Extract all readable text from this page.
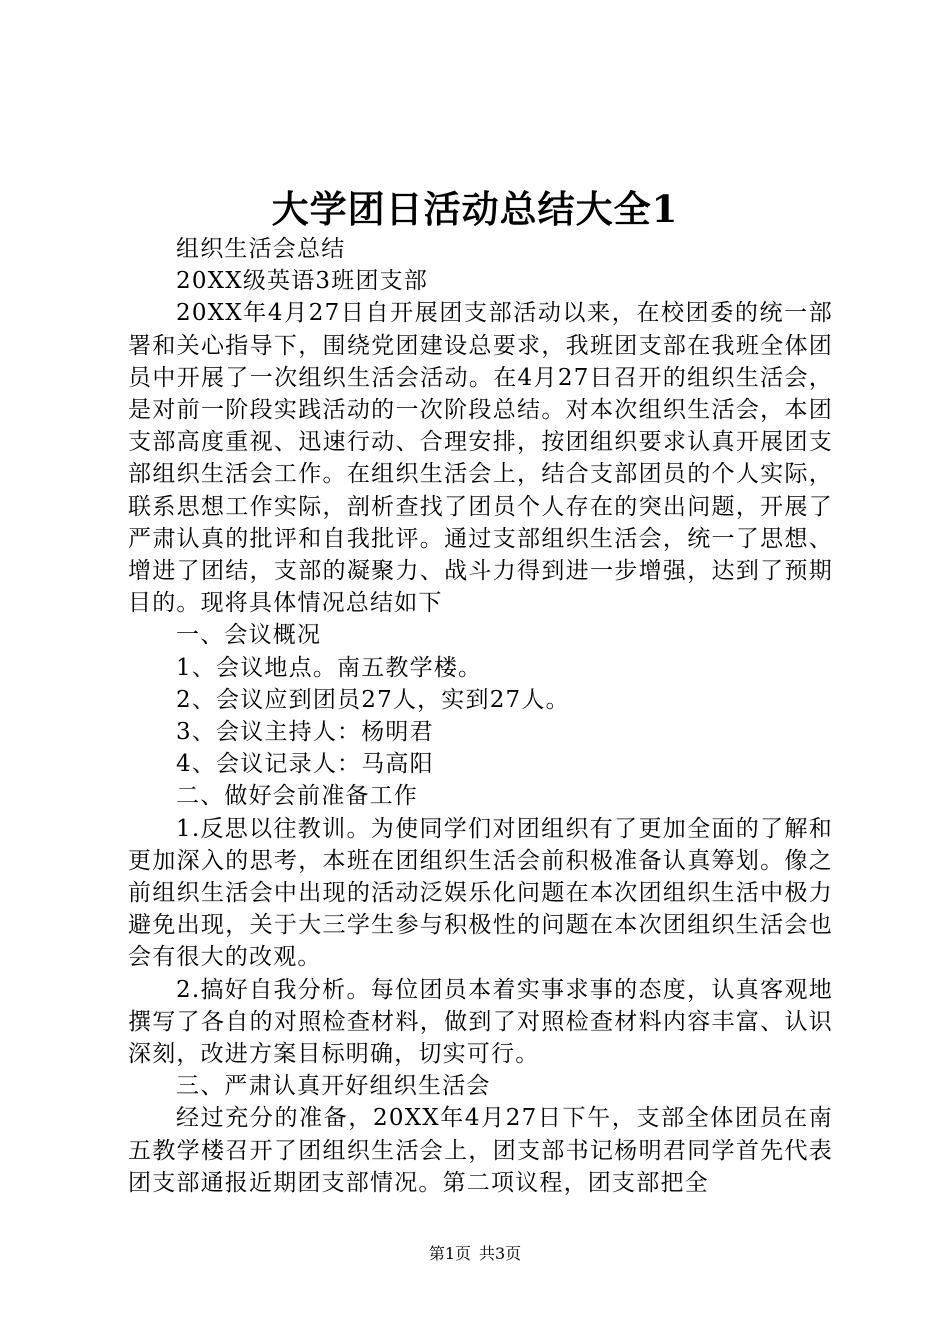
大学团日活动总结大全1

组织生活会总结

20XX级英语3班团支部

20XX年4月27日自开展团支部活动以来，在校团委的统一部署和关心指导下，围绕党团建设总要求，我班团支部在我班全体团员中开展了一次组织生活会活动。在4月27日召开的组织生活会，是对前一阶段实践活动的一次阶段总结。对本次组织生活会，本团支部高度重视、迅速行动、合理安排，按团组织要求认真开展团支部组织生活会工作。在组织生活会上，结合支部团员的个人实际，联系思想工作实际，剖析查找了团员个人存在的突出问题，开展了严肃认真的批评和自我批评。通过支部组织生活会，统一了思想、增进了团结，支部的凝聚力、战斗力得到进一步增强，达到了预期目的。现将具体情况总结如下

一、会议概况

1、会议地点。南五教学楼。

2、会议应到团员27人，实到27人。

3、会议主持人：杨明君

4、会议记录人：马高阳

二、做好会前准备工作

1.反思以往教训。为使同学们对团组织有了更加全面的了解和更加深入的思考，本班在团组织生活会前积极准备认真筹划。像之前组织生活会中出现的活动泛娱乐化问题在本次团组织生活中极力避免出现，关于大三学生参与积极性的问题在本次团组织生活会也会有很大的改观。

2.搞好自我分析。每位团员本着实事求事的态度，认真客观地撰写了各自的对照检查材料，做到了对照检查材料内容丰富、认识深刻，改进方案目标明确，切实可行。

三、严肃认真开好组织生活会

经过充分的准备，20XX年4月27日下午，支部全体团员在南五教学楼召开了团组织生活会上，团支部书记杨明君同学首先代表团支部通报近期团支部情况。第二项议程，团支部把全

第1页 共3页
